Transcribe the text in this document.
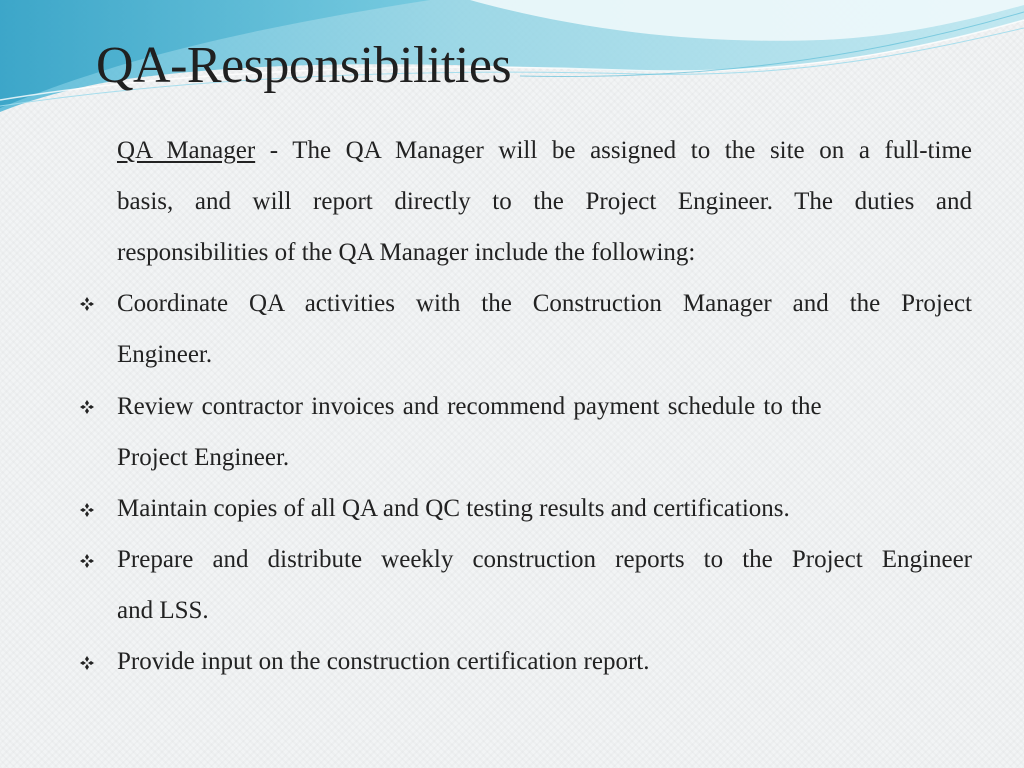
QA-Responsibilities
QA Manager - The QA Manager will be assigned to the site on a full-time
basis, and will report directly to the Project Engineer. The duties and
responsibilities of the QA Manager include the following:
Coordinate QA activities with the Construction Manager and the Project
Engineer.
Review contractor invoices and recommend payment schedule to the
Project Engineer.
Maintain copies of all QA and QC testing results and certifications.
Prepare and distribute weekly construction reports to the Project Engineer
and LSS.
Provide input on the construction certification report.
